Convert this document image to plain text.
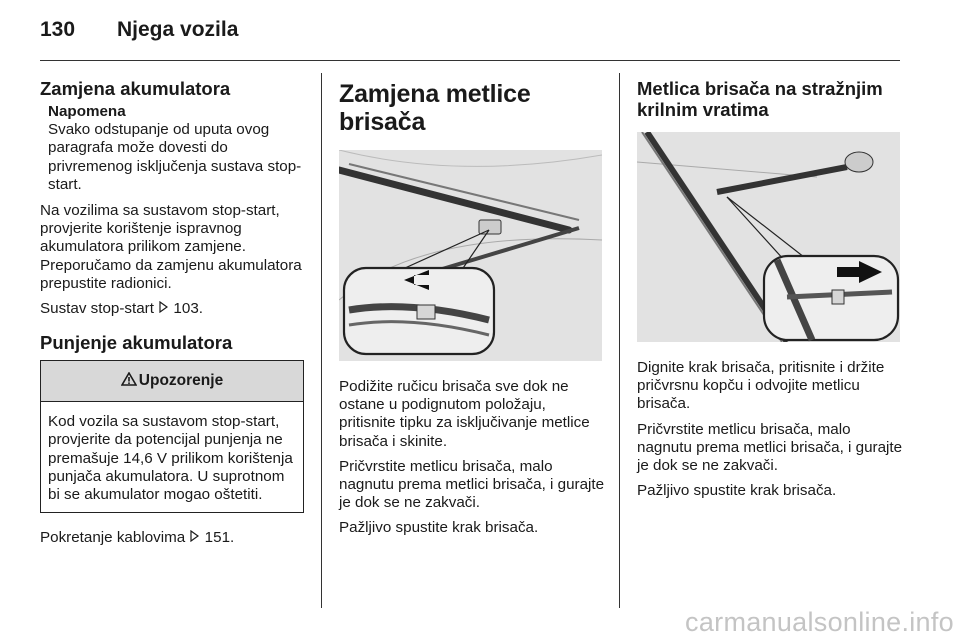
130 Njega vozila
Zamjena akumulatora
Napomena
Svako odstupanje od uputa ovog paragrafa može dovesti do privremenog isključenja sustava stop-start.

Na vozilima sa sustavom stop-start, provjerite korištenje ispravnog akumulatora prilikom zamjene. Preporučamo da zamjenu akumulatora prepustite radionici.

Sustav stop-start 103.

Punjenje akumulatora
Upozorenje
Kod vozila sa sustavom stop-start, provjerite da potencijal punjenja ne premašuje 14,6 V prilikom korištenja punjača akumulatora. U suprotnom bi se akumulator mogao oštetiti.

Pokretanje kablovima 151.

Zamjena metlice brisača

Podižite ručicu brisača sve dok ne ostane u podignutom položaju, pritisnite tipku za isključivanje metlice brisača i skinite.

Pričvrstite metlicu brisača, malo nagnutu prema metlici brisača, i gurajte je dok se ne zakvači.

Pažljivo spustite krak brisača.

Metlica brisača na stražnjim krilnim vratima

Dignite krak brisača, pritisnite i držite pričvrsnu kopču i odvojite metlicu brisača.

Pričvrstite metlicu brisača, malo nagnutu prema metlici brisača, i gurajte je dok se ne zakvači.

Pažljivo spustite krak brisača.

carmanualsonline.info
